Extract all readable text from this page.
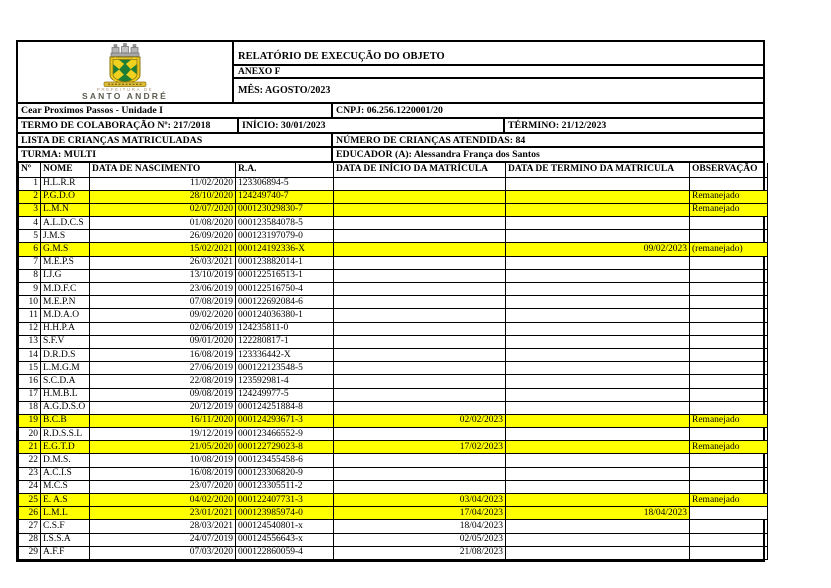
PREFEITURA DE
SANTO ANDRÉ
RELATÓRIO DE EXECUÇÃO DO OBJETO
ANEXO F
MÊS: AGOSTO/2023
Cear Proximos Passos - Unidade I	CNPJ: 06.256.1220001/20
TERMO DE COLABORAÇÃO Nº: 217/2018	INÍCIO: 30/01/2023	TÉRMINO: 21/12/2023
LISTA DE CRIANÇAS MATRICULADAS	NÚMERO DE CRIANÇAS ATENDIDAS: 84
TURMA: MULTI	EDUCADOR (A): Alessandra França dos Santos
Nº	NOME	DATA DE NASCIMENTO	R.A.	DATA DE INÍCIO DA MATRÍCULA	DATA DE TERMINO DA MATRICULA	OBSERVAÇÃO
1	H.L.R.R	11/02/2020	123306894-5			
2	P.G.D.O	28/10/2020	124249740-7			Remanejado
3	L.M.N	02/07/2020	000123029830-7			Remanejado
4	A.L.D.C.S	01/08/2020	000123584078-5			
5	J.M.S	26/09/2020	000123197079-0			
6	G.M.S	15/02/2021	000124192336-X		09/02/2023	(remanejado)
7	M.E.P.S	26/03/2021	000123882014-1			
8	I.J.G	13/10/2019	000122516513-1			
9	M.D.F.C	23/06/2019	000122516750-4			
10	M.E.P.N	07/08/2019	000122692084-6			
11	M.D.A.O	09/02/2020	000124036380-1			
12	H.H.P.A	02/06/2019	124235811-0			
13	S.F.V	09/01/2020	122280817-1			
14	D.R.D.S	16/08/2019	123336442-X			
15	L.M.G.M	27/06/2019	000122123548-5			
16	S.C.D.A	22/08/2019	123592981-4			
17	H.M.B.L	09/08/2019	124249977-5			
18	A.G.D.S.O	20/12/2019	000124251884-8			
19	B.C.B	16/11/2020	000124293671-3	02/02/2023		Remanejado
20	R.D.S.S.L	19/12/2019	000123466552-9			
21	E.G.T.D	21/05/2020	000122729023-8	17/02/2023		Remanejado
22	D.M.S.	10/08/2019	000123455458-6			
23	A.C.I.S	16/08/2019	000123306820-9			
24	M.C.S	23/07/2020	000123305511-2			
25	E. A.S	04/02/2020	000122407731-3	03/04/2023		Remanejado
26	L.M.L	23/01/2021	000123985974-0	17/04/2023	18/04/2023	
27	C.S.F	28/03/2021	000124540801-x	18/04/2023		
28	I.S.S.A	24/07/2019	000124556643-x	02/05/2023		
29	A.F.F	07/03/2020	000122860059-4	21/08/2023		
